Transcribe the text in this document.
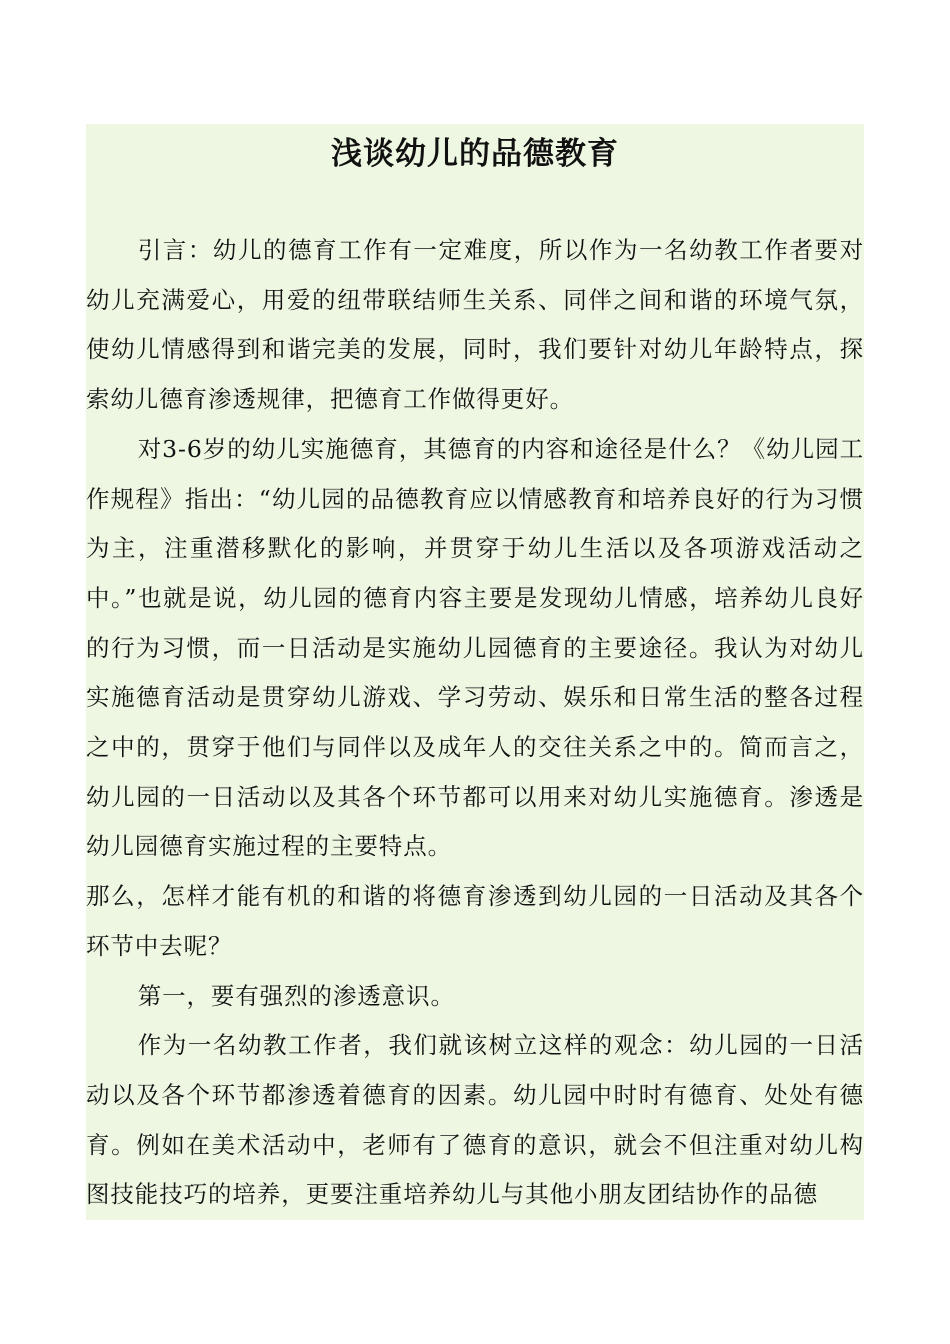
浅谈幼儿的品德教育

引言：幼儿的德育工作有一定难度，所以作为一名幼教工作者要对幼儿充满爱心，用爱的纽带联结师生关系、同伴之间和谐的环境气氛，使幼儿情感得到和谐完美的发展，同时，我们要针对幼儿年龄特点，探索幼儿德育渗透规律，把德育工作做得更好。

对3-6岁的幼儿实施德育，其德育的内容和途径是什么？《幼儿园工作规程》指出：“幼儿园的品德教育应以情感教育和培养良好的行为习惯为主，注重潜移默化的影响，并贯穿于幼儿生活以及各项游戏活动之中。”也就是说，幼儿园的德育内容主要是发现幼儿情感，培养幼儿良好的行为习惯，而一日活动是实施幼儿园德育的主要途径。我认为对幼儿实施德育活动是贯穿幼儿游戏、学习劳动、娱乐和日常生活的整各过程之中的，贯穿于他们与同伴以及成年人的交往关系之中的。简而言之，幼儿园的一日活动以及其各个环节都可以用来对幼儿实施德育。渗透是幼儿园德育实施过程的主要特点。

那么，怎样才能有机的和谐的将德育渗透到幼儿园的一日活动及其各个环节中去呢？

第一，要有强烈的渗透意识。

作为一名幼教工作者，我们就该树立这样的观念：幼儿园的一日活动以及各个环节都渗透着德育的因素。幼儿园中时时有德育、处处有德育。例如在美术活动中，老师有了德育的意识，就会不但注重对幼儿构图技能技巧的培养，更要注重培养幼儿与其他小朋友团结协作的品德
